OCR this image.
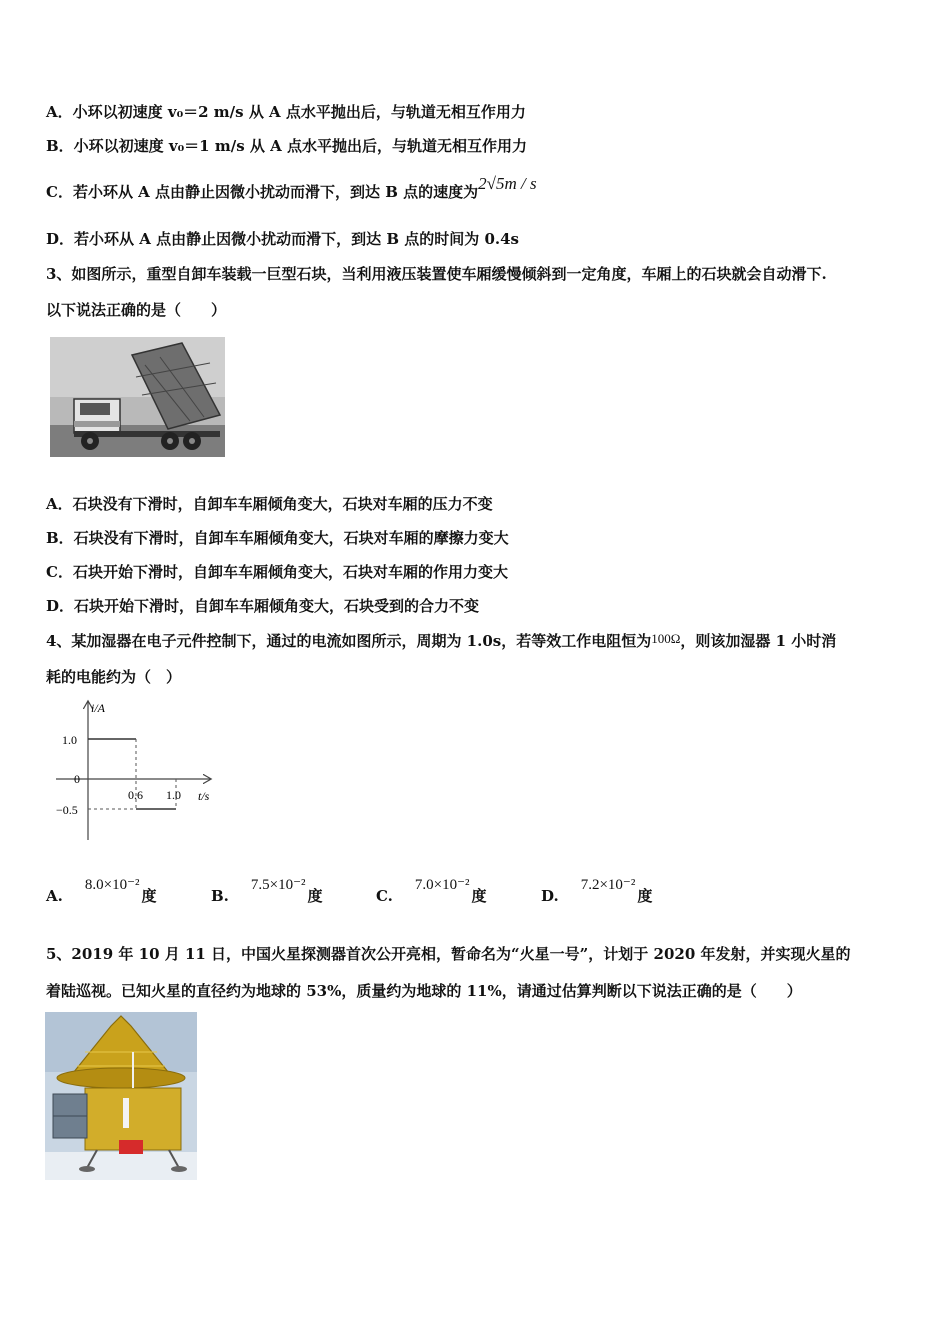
A．小环以初速度 v₀＝2 m/s 从 A 点水平抛出后，与轨道无相互作用力
B．小环以初速度 v₀＝1 m/s 从 A 点水平抛出后，与轨道无相互作用力
C．若小环从 A 点由静止因微小扰动而滑下，到达 B 点的速度为2√5m / s
D．若小环从 A 点由静止因微小扰动而滑下，到达 B 点的时间为 0.4s
3、如图所示，重型自卸车装载一巨型石块，当利用液压装置使车厢缓慢倾斜到一定角度，车厢上的石块就会自动滑下.
以下说法正确的是（　　）
A．石块没有下滑时，自卸车车厢倾角变大，石块对车厢的压力不变
B．石块没有下滑时，自卸车车厢倾角变大，石块对车厢的摩擦力变大
C．石块开始下滑时，自卸车车厢倾角变大，石块对车厢的作用力变大
D．石块开始下滑时，自卸车车厢倾角变大，石块受到的合力不变
4、某加湿器在电子元件控制下，通过的电流如图所示，周期为 1.0s，若等效工作电阻恒为100Ω，则该加湿器 1 小时消
耗的电能约为（　）
i/A
1.0
0
−0.5
0.6 1.0 t/s
A.8.0×10⁻²度	B.7.5×10⁻²度	C.7.0×10⁻²度	D.7.2×10⁻²度
5、2019 年 10 月 11 日，中国火星探测器首次公开亮相，暂命名为“火星一号”，计划于 2020 年发射，并实现火星的
着陆巡视。已知火星的直径约为地球的 53%，质量约为地球的 11%，请通过估算判断以下说法正确的是（　　）
